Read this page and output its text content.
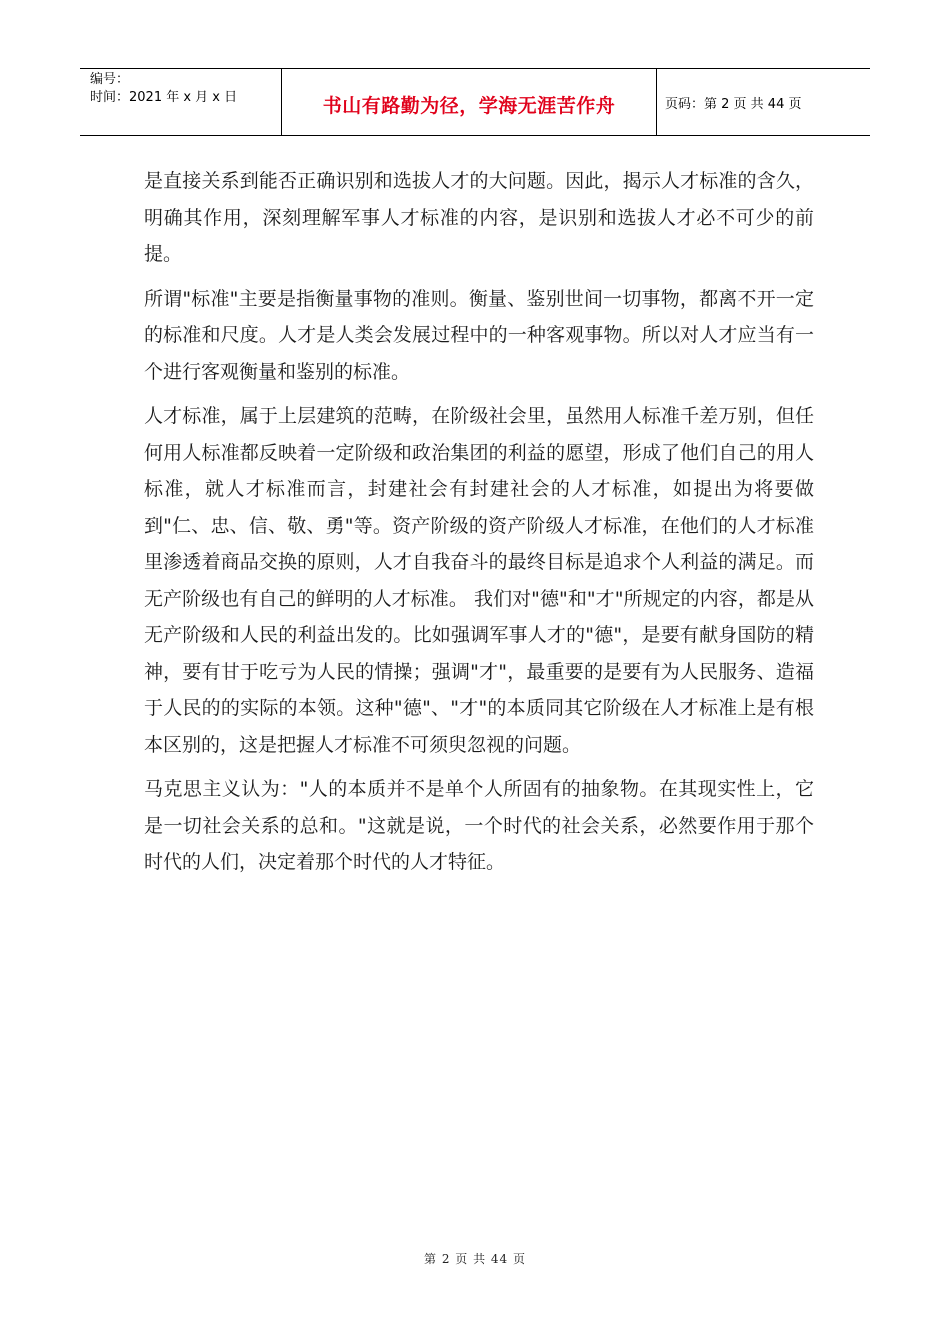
编号：
时间：2021 年 x 月 x 日	书山有路勤为径，学海无涯苦作舟	页码：第 2 页 共 44 页

是直接关系到能否正确识别和选拔人才的大问题。因此，揭示人才标准的含久，明确其作用，深刻理解军事人才标准的内容，是识别和选拔人才必不可少的前提。

所谓"标准"主要是指衡量事物的准则。衡量、鉴别世间一切事物，都离不开一定的标准和尺度。人才是人类会发展过程中的一种客观事物。所以对人才应当有一个进行客观衡量和鉴别的标准。

人才标准，属于上层建筑的范畴，在阶级社会里，虽然用人标准千差万别，但任何用人标准都反映着一定阶级和政治集团的利益的愿望，形成了他们自己的用人标准，就人才标准而言，封建社会有封建社会的人才标准，如提出为将要做到"仁、忠、信、敬、勇"等。资产阶级的资产阶级人才标准，在他们的人才标准里渗透着商品交换的原则，人才自我奋斗的最终目标是追求个人利益的满足。而无产阶级也有自己的鲜明的人才标准。 我们对"德"和"才"所规定的内容，都是从无产阶级和人民的利益出发的。比如强调军事人才的"德"，是要有献身国防的精神，要有甘于吃亏为人民的情操；强调"才"，最重要的是要有为人民服务、造福于人民的的实际的本领。这种"德"、"才"的本质同其它阶级在人才标准上是有根本区别的，这是把握人才标准不可须臾忽视的问题。

马克思主义认为："人的本质并不是单个人所固有的抽象物。在其现实性上，它是一切社会关系的总和。"这就是说，一个时代的社会关系，必然要作用于那个时代的人们，决定着那个时代的人才特征。

第 2 页 共 44 页
